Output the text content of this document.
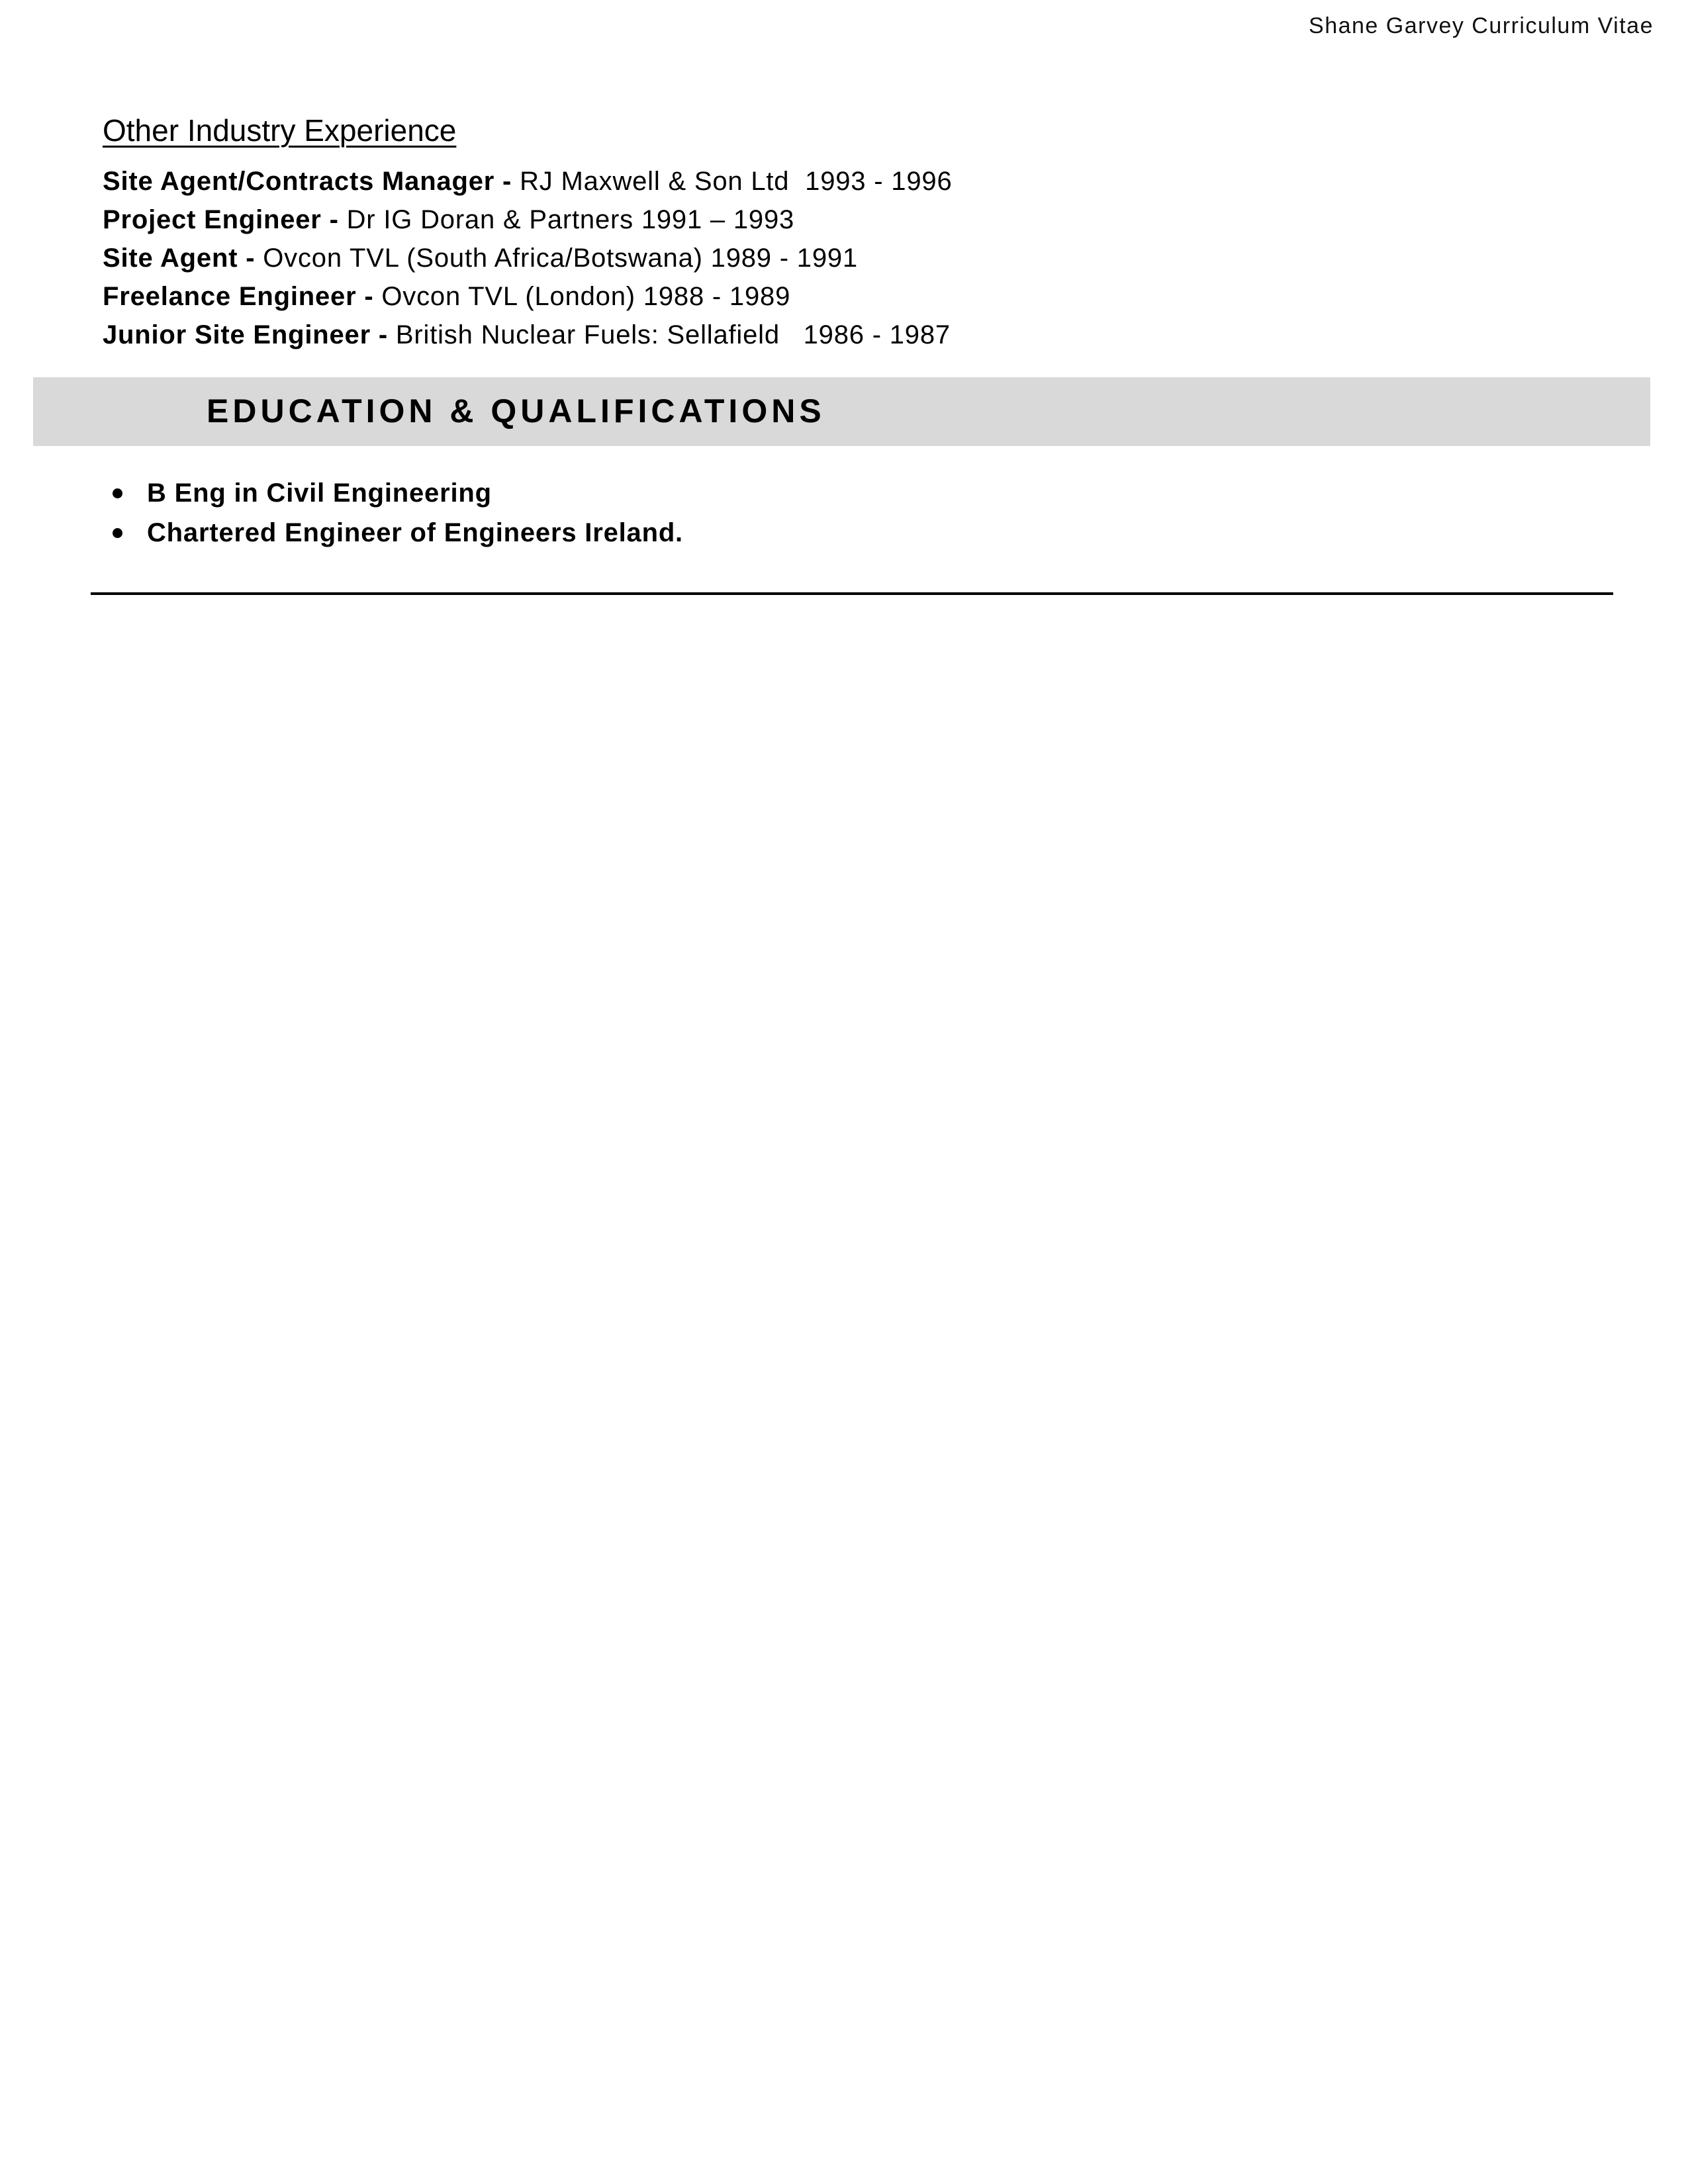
Shane Garvey Curriculum Vitae
Other Industry Experience
Site Agent/Contracts Manager - RJ Maxwell & Son Ltd  1993 - 1996
Project Engineer - Dr IG Doran & Partners 1991 – 1993
Site Agent - Ovcon TVL (South Africa/Botswana) 1989 - 1991
Freelance Engineer - Ovcon TVL (London) 1988 - 1989
Junior Site Engineer - British Nuclear Fuels: Sellafield   1986 - 1987
EDUCATION & QUALIFICATIONS
B Eng in Civil Engineering
Chartered Engineer of Engineers Ireland.
